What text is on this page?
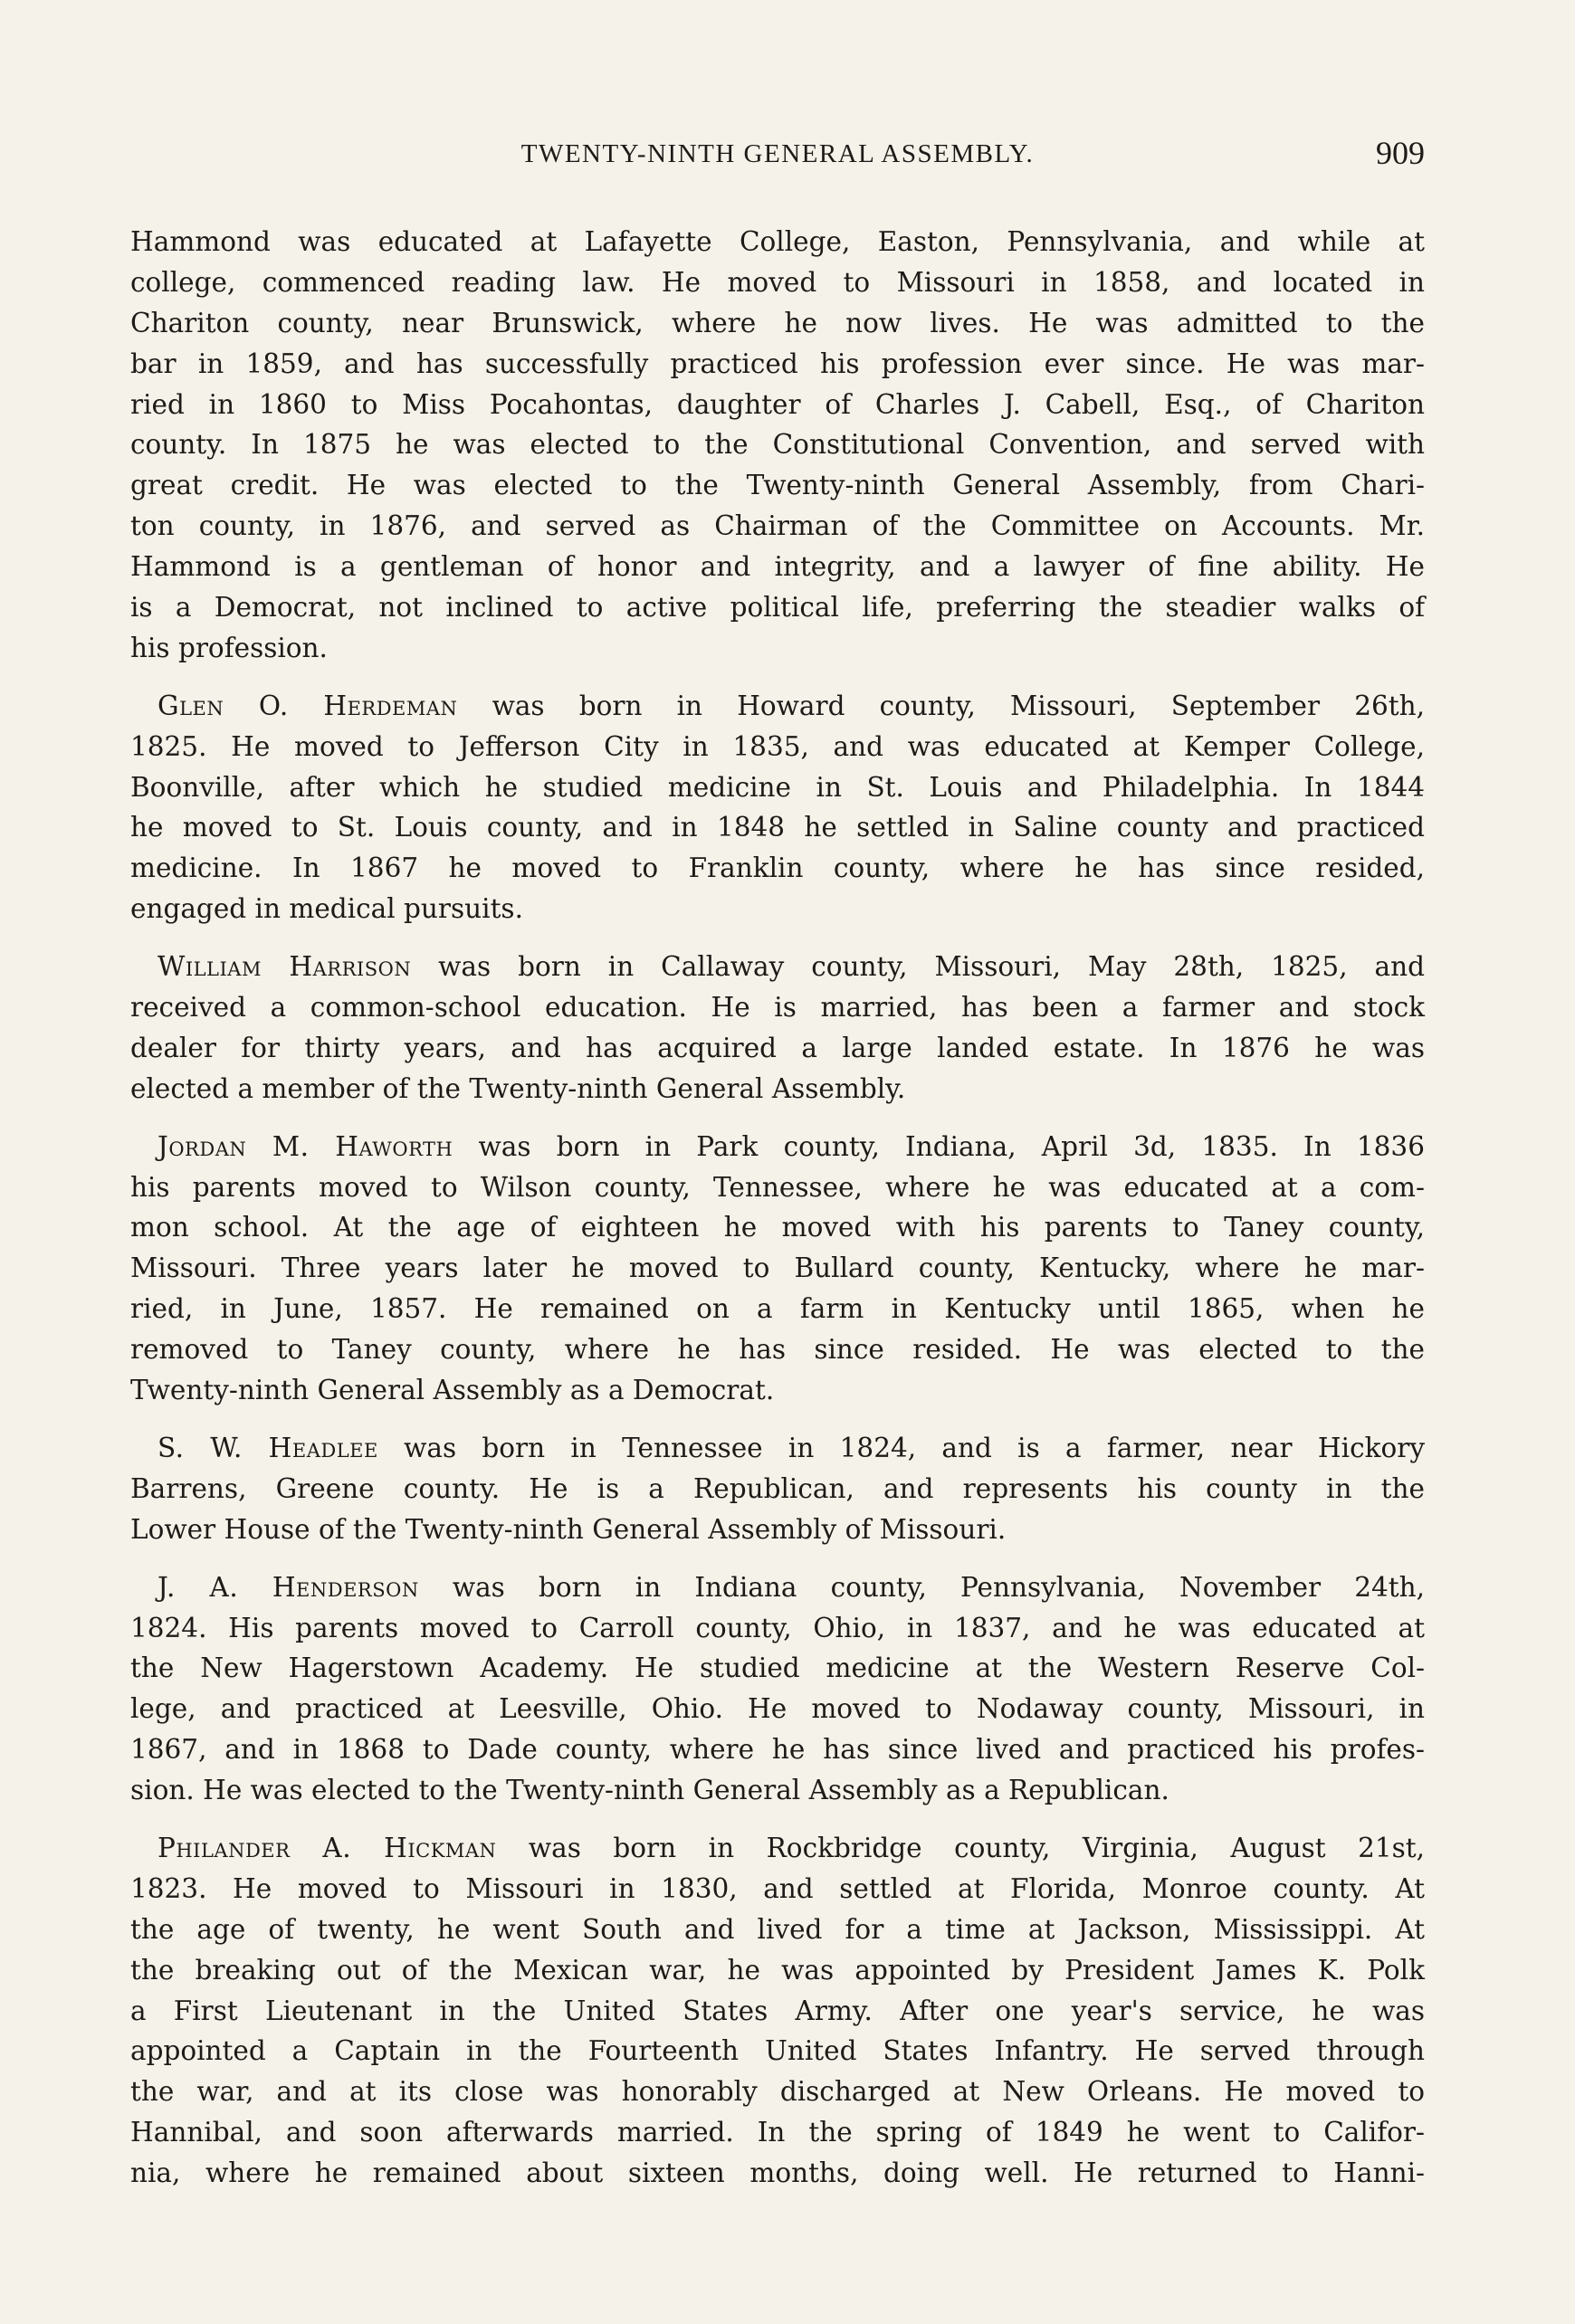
TWENTY-NINTH GENERAL ASSEMBLY.	909
Hammond was educated at Lafayette College, Easton, Pennsylvania, and while at
college, commenced reading law. He moved to Missouri in 1858, and located in
Chariton county, near Brunswick, where he now lives. He was admitted to the
bar in 1859, and has successfully practiced his profession ever since. He was mar-
ried in 1860 to Miss Pocahontas, daughter of Charles J. Cabell, Esq., of Chariton
county. In 1875 he was elected to the Constitutional Convention, and served with
great credit. He was elected to the Twenty-ninth General Assembly, from Chari-
ton county, in 1876, and served as Chairman of the Committee on Accounts. Mr.
Hammond is a gentleman of honor and integrity, and a lawyer of fine ability. He
is a Democrat, not inclined to active political life, preferring the steadier walks of
his profession.
Glen O. Herdeman was born in Howard county, Missouri, September 26th,
1825. He moved to Jefferson City in 1835, and was educated at Kemper College,
Boonville, after which he studied medicine in St. Louis and Philadelphia. In 1844
he moved to St. Louis county, and in 1848 he settled in Saline county and practiced
medicine. In 1867 he moved to Franklin county, where he has since resided,
engaged in medical pursuits.
William Harrison was born in Callaway county, Missouri, May 28th, 1825, and
received a common-school education. He is married, has been a farmer and stock
dealer for thirty years, and has acquired a large landed estate. In 1876 he was
elected a member of the Twenty-ninth General Assembly.
Jordan M. Haworth was born in Park county, Indiana, April 3d, 1835. In 1836
his parents moved to Wilson county, Tennessee, where he was educated at a com-
mon school. At the age of eighteen he moved with his parents to Taney county,
Missouri. Three years later he moved to Bullard county, Kentucky, where he mar-
ried, in June, 1857. He remained on a farm in Kentucky until 1865, when he
removed to Taney county, where he has since resided. He was elected to the
Twenty-ninth General Assembly as a Democrat.
S. W. Headlee was born in Tennessee in 1824, and is a farmer, near Hickory
Barrens, Greene county. He is a Republican, and represents his county in the
Lower House of the Twenty-ninth General Assembly of Missouri.
J. A. Henderson was born in Indiana county, Pennsylvania, November 24th,
1824. His parents moved to Carroll county, Ohio, in 1837, and he was educated at
the New Hagerstown Academy. He studied medicine at the Western Reserve Col-
lege, and practiced at Leesville, Ohio. He moved to Nodaway county, Missouri, in
1867, and in 1868 to Dade county, where he has since lived and practiced his profes-
sion. He was elected to the Twenty-ninth General Assembly as a Republican.
Philander A. Hickman was born in Rockbridge county, Virginia, August 21st,
1823. He moved to Missouri in 1830, and settled at Florida, Monroe county. At
the age of twenty, he went South and lived for a time at Jackson, Mississippi. At
the breaking out of the Mexican war, he was appointed by President James K. Polk
a First Lieutenant in the United States Army. After one year's service, he was
appointed a Captain in the Fourteenth United States Infantry. He served through
the war, and at its close was honorably discharged at New Orleans. He moved to
Hannibal, and soon afterwards married. In the spring of 1849 he went to Califor-
nia, where he remained about sixteen months, doing well. He returned to Hanni-
